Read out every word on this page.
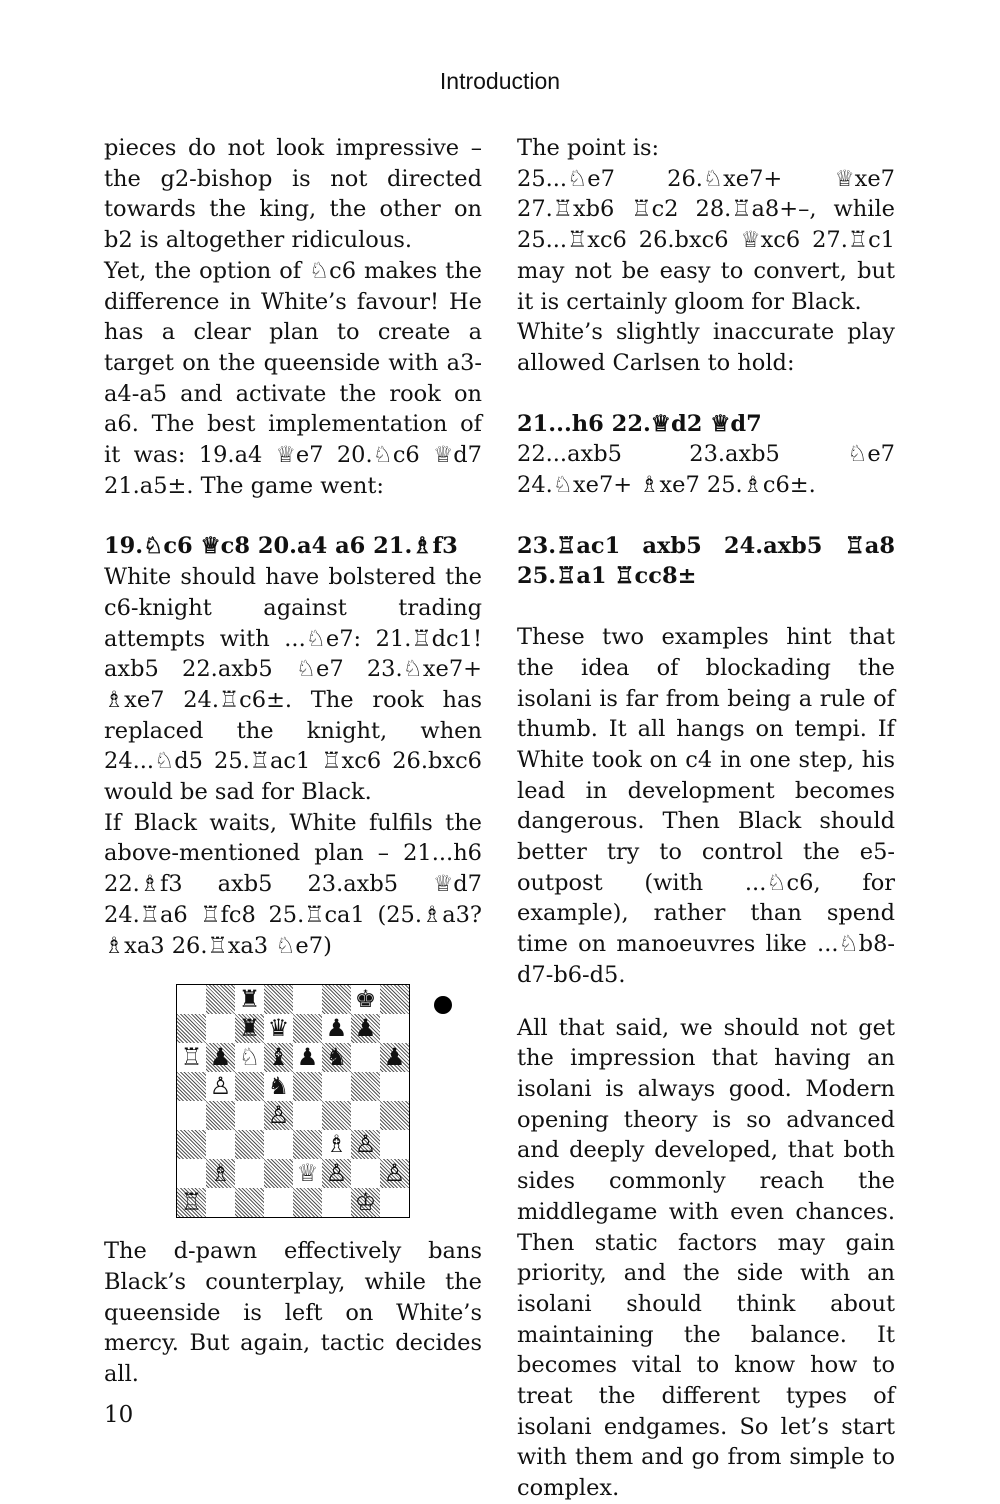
Introduction

pieces do not look impressive – the g2-bishop is not directed towards the king, the other on b2 is altogether ridiculous.

Yet, the option of ♘c6 makes the difference in White’s favour! He has a clear plan to create a target on the queenside with a3-a4-a5 and activate the rook on a6. The best implementation of it was: 19.a4 ♕e7 20.♘c6 ♕d7 21.a5±. The game went:

19.♘c6 ♕c8 20.a4 a6 21.♗f3

White should have bolstered the c6-knight against trading attempts with ...♘e7: 21.♖dc1! axb5 22.axb5 ♘e7 23.♘xe7+ ♗xe7 24.♖c6±. The rook has replaced the knight, when 24...♘d5 25.♖ac1 ♖xc6 26.bxc6 would be sad for Black.

If Black waits, White fulfils the above-mentioned plan – 21...h6 22.♗f3 axb5 23.axb5 ♕d7 24.♖a6 ♖fc8 25.♖ca1 (25.♗a3? ♗xa3 26.♖xa3 ♘e7)

♜	♚
♜ ♛ ♟ ♟
♖ ♟ ♘ ♝ ♟ ♞ ♟
♙ ♞
♙
♗ ♙
♗	♕ ♙ ♙
♖	♔

The d-pawn effectively bans Black’s counterplay, while the queenside is left on White’s mercy. But again, tactic decides all.

The point is:

25...♘e7 26.♘xe7+ ♕xe7 27.♖xb6 ♖c2 28.♖a8+–, while 25...♖xc6 26.bxc6 ♕xc6 27.♖c1 may not be easy to convert, but it is certainly gloom for Black.

White’s slightly inaccurate play allowed Carlsen to hold:

21...h6 22.♕d2 ♕d7

22...axb5 23.axb5 ♘e7 24.♘xe7+ ♗xe7 25.♗c6±.

23.♖ac1 axb5 24.axb5 ♖a8 25.♖a1 ♖cc8±

These two examples hint that the idea of blockading the isolani is far from being a rule of thumb. It all hangs on tempi. If White took on c4 in one step, his lead in development becomes dangerous. Then Black should better try to control the e5-outpost (with ...♘c6, for example), rather than spend time on manoeuvres like ...♘b8-d7-b6-d5.

All that said, we should not get the impression that having an isolani is always good. Modern opening theory is so advanced and deeply developed, that both sides commonly reach the middlegame with even chances. Then static factors may gain priority, and the side with an isolani should think about maintaining the balance. It becomes vital to know how to treat the different types of isolani endgames. So let’s start with them and go from simple to complex.

10
